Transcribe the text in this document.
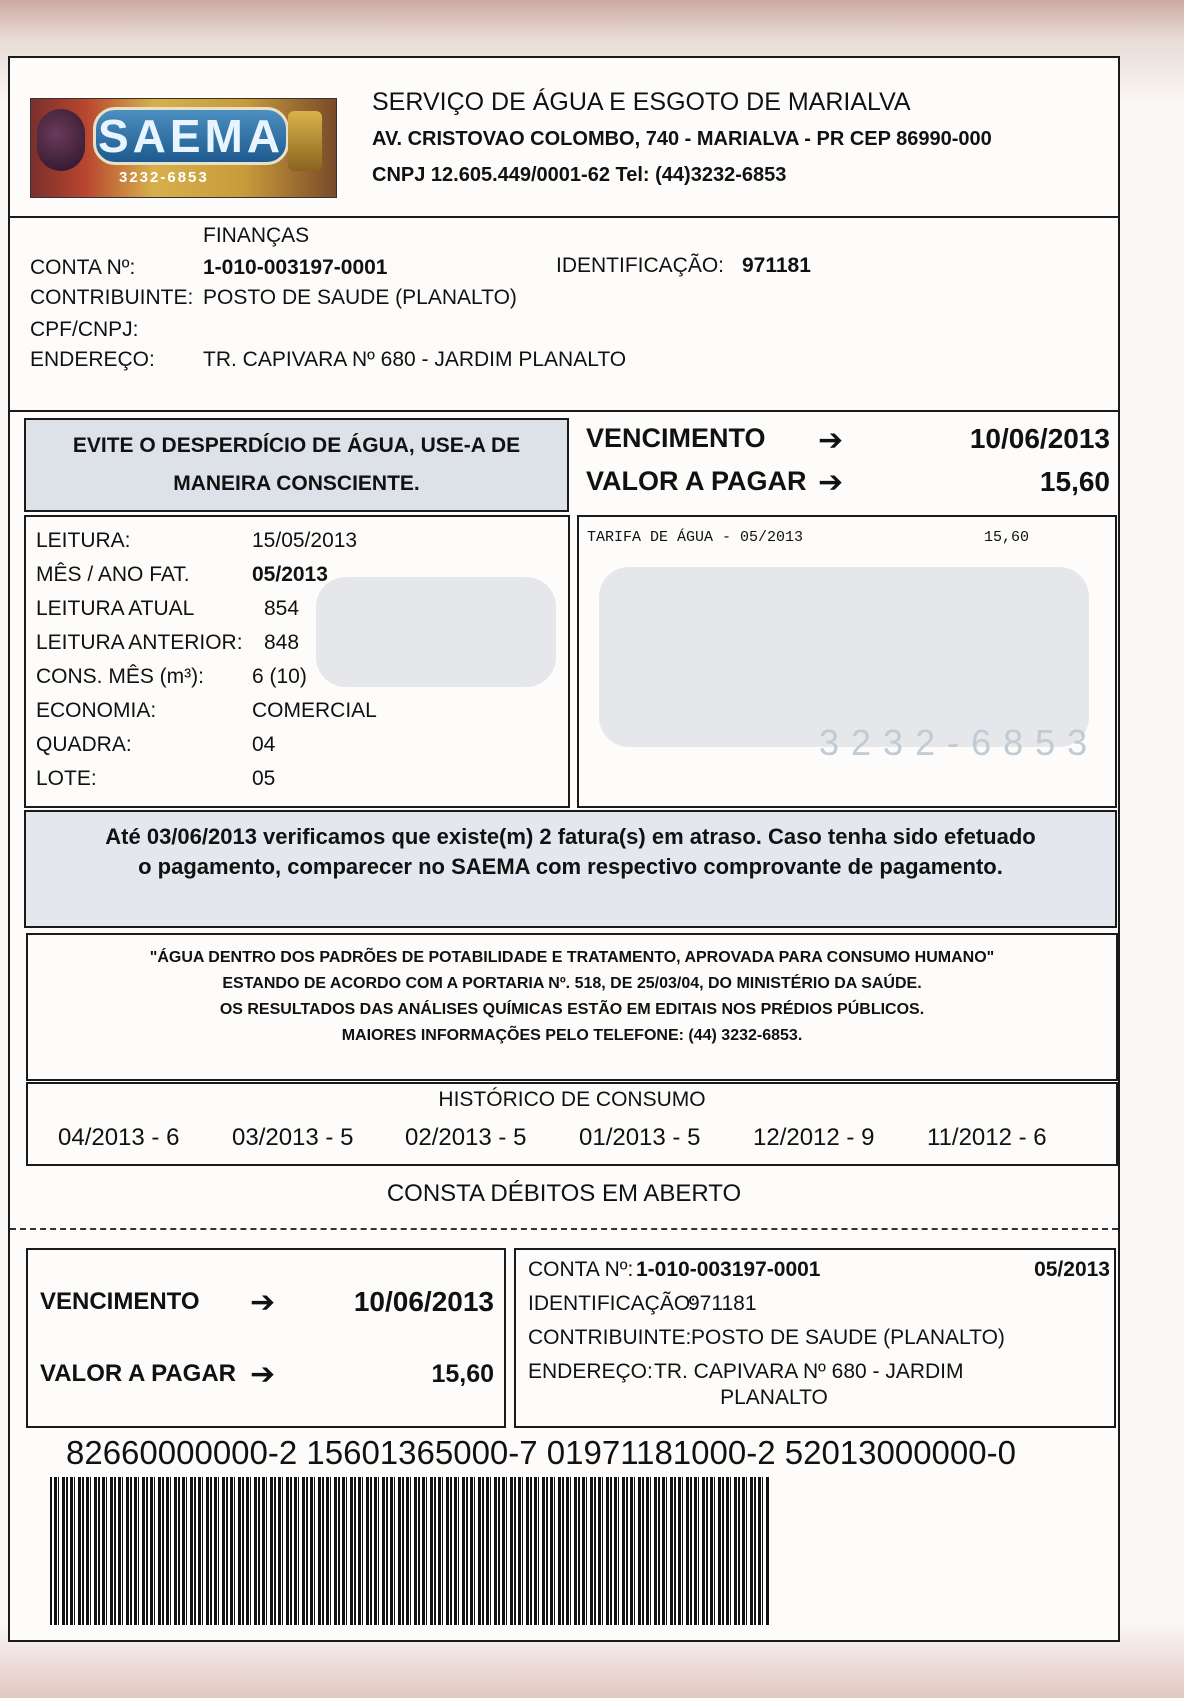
SAEMA
3232-6853
SERVIÇO DE ÁGUA E ESGOTO DE MARIALVA
AV. CRISTOVAO COLOMBO, 740 - MARIALVA - PR CEP 86990-000
CNPJ 12.605.449/0001-62 Tel: (44)3232-6853
FINANÇAS
CONTA Nº:	1-010-003197-0001	IDENTIFICAÇÃO: 971181
CONTRIBUINTE: POSTO DE SAUDE (PLANALTO)
CPF/CNPJ:
ENDEREÇO: TR. CAPIVARA Nº 680 - JARDIM PLANALTO
EVITE O DESPERDÍCIO DE ÁGUA, USE-A DE
MANEIRA CONSCIENTE.
VENCIMENTO ➔	10/06/2013
VALOR A PAGAR ➔	15,60
LEITURA:	15/05/2013
MÊS / ANO FAT.	05/2013
LEITURA ATUAL	854
LEITURA ANTERIOR: 848
CONS. MÊS (m³): 6 (10)
ECONOMIA:	COMERCIAL
QUADRA:	04
LOTE:	05
3232-6853
TARIFA DE ÁGUA - 05/2013	15,60
Até 03/06/2013 verificamos que existe(m) 2 fatura(s) em atraso. Caso tenha sido efetuado
o pagamento, comparecer no SAEMA com respectivo comprovante de pagamento.
"ÁGUA DENTRO DOS PADRÕES DE POTABILIDADE E TRATAMENTO, APROVADA PARA CONSUMO HUMANO"
ESTANDO DE ACORDO COM A PORTARIA Nº. 518, DE 25/03/04, DO MINISTÉRIO DA SAÚDE.
OS RESULTADOS DAS ANÁLISES QUÍMICAS ESTÃO EM EDITAIS NOS PRÉDIOS PÚBLICOS.
MAIORES INFORMAÇÕES PELO TELEFONE: (44) 3232-6853.
HISTÓRICO DE CONSUMO
04/2013 - 6 03/2013 - 5 02/2013 - 5 01/2013 - 5 12/2012 - 9 11/2012 - 6
CONSTA DÉBITOS EM ABERTO
VENCIMENTO ➔	10/06/2013
VALOR A PAGAR ➔	15,60
CONTA Nº: 1-010-003197-0001	05/2013
IDENTIFICAÇÃO:
971181
CONTRIBUINTE: POSTO DE SAUDE (PLANALTO)
ENDEREÇO: TR. CAPIVARA Nº 680 - JARDIM
PLANALTO
82660000000-2 15601365000-7 01971181000-2 52013000000-0
